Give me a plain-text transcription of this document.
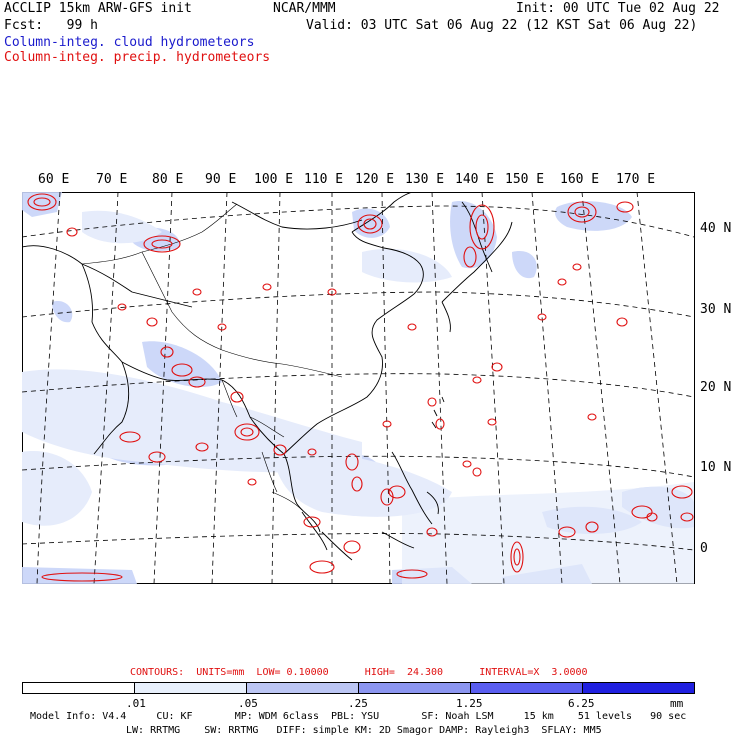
ACCLIP 15km ARW-GFS init	NCAR/MMM	Init: 00 UTC Tue 02 Aug 22
Fcst:   99 h	Valid: 03 UTC Sat 06 Aug 22 (12 KST Sat 06 Aug 22)
Column-integ. cloud hydrometeors
Column-integ. precip. hydrometeors
60 E 70 E 80 E 90 E 100 E 110 E 120 E 130 E 140 E 150 E 160 E 170 E
40 N
30 N
20 N
10 N
0
CONTOURS:  UNITS=mm  LOW= 0.10000      HIGH=  24.300      INTERVAL=X  3.0000
.01	.05	.25	1.25	6.25	mm
Model Info: V4.4     CU: KF       MP: WDM 6class  PBL: YSU       SF: Noah LSM     15 km    51 levels   90 sec
LW: RRTMG    SW: RRTMG   DIFF: simple KM: 2D Smagor DAMP: Rayleigh3  SFLAY: MM5
